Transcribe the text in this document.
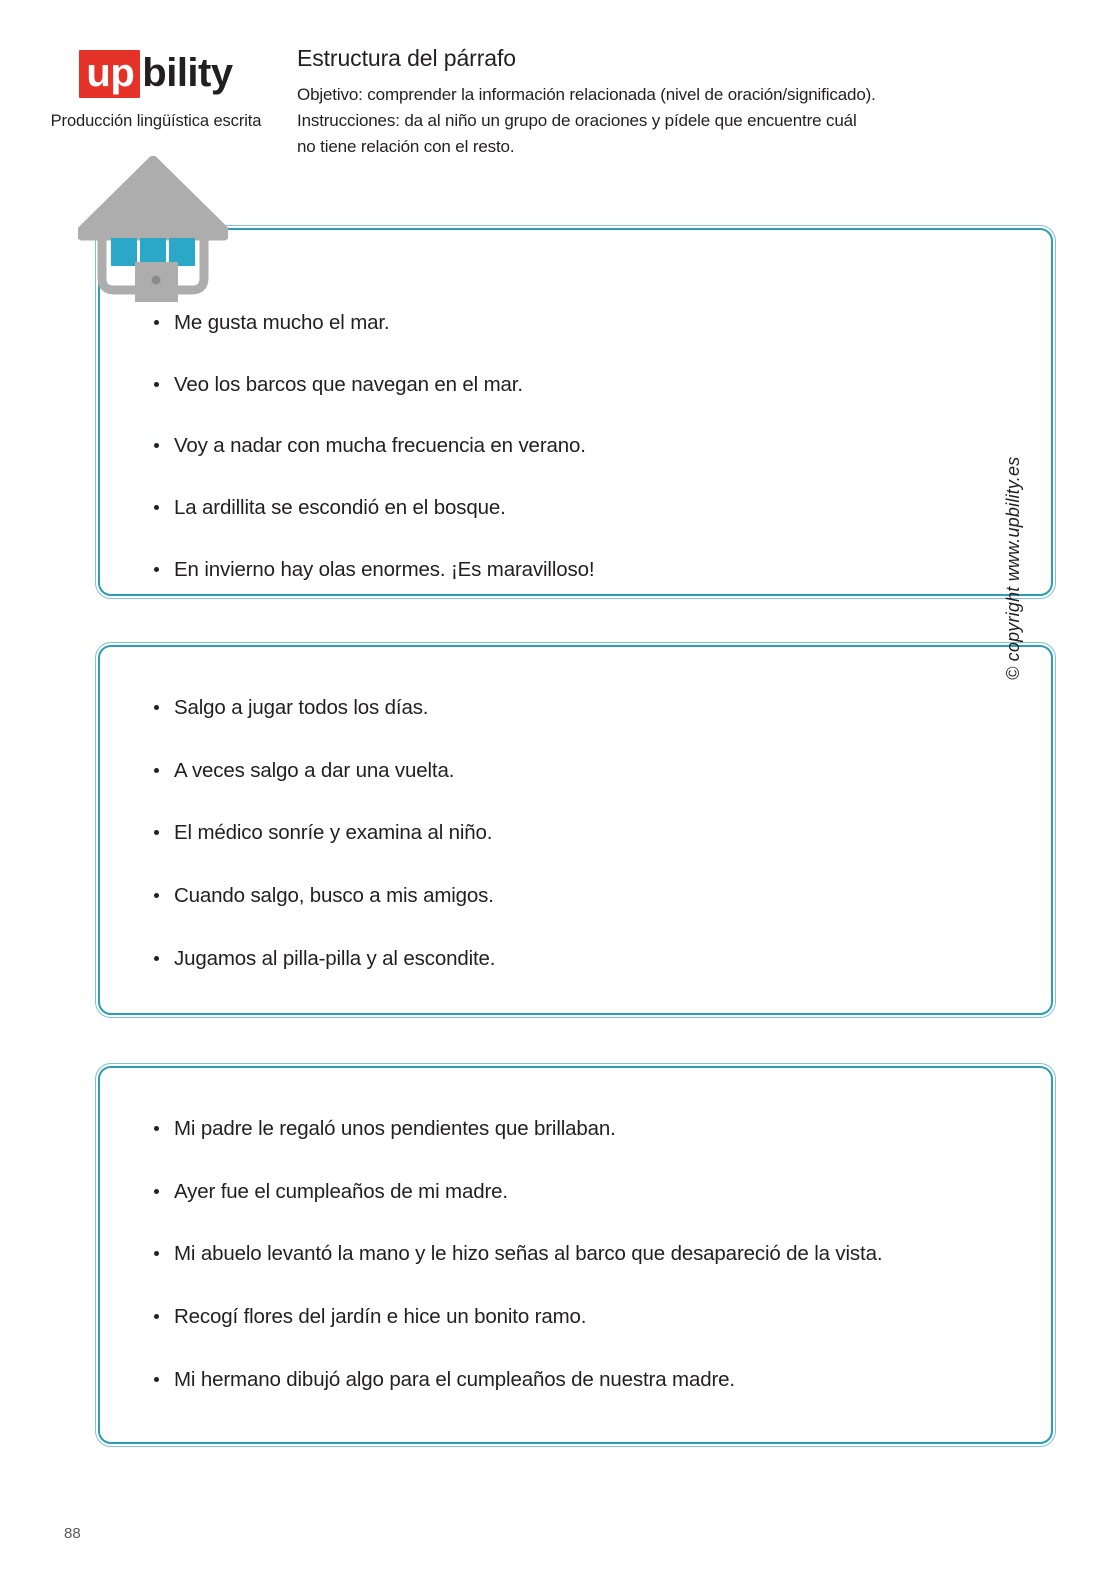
up bility
Producción lingüística escrita
Estructura del párrafo
Objetivo: comprender la información relacionada (nivel de oración/significado).
Instrucciones: da al niño un grupo de oraciones y pídele que encuentre cuál
no tiene relación con el resto.
Me gusta mucho el mar.
Veo los barcos que navegan en el mar.
Voy a nadar con mucha frecuencia en verano.
La ardillita se escondió en el bosque.
En invierno hay olas enormes. ¡Es maravilloso!
Salgo a jugar todos los días.
A veces salgo a dar una vuelta.
El médico sonríe y examina al niño.
Cuando salgo, busco a mis amigos.
Jugamos al pilla-pilla y al escondite.
Mi padre le regaló unos pendientes que brillaban.
Ayer fue el cumpleaños de mi madre.
Mi abuelo levantó la mano y le hizo señas al barco que desapareció de la vista.
Recogí flores del jardín e hice un bonito ramo.
Mi hermano dibujó algo para el cumpleaños de nuestra madre.
© copyright www.upbility.es
88
